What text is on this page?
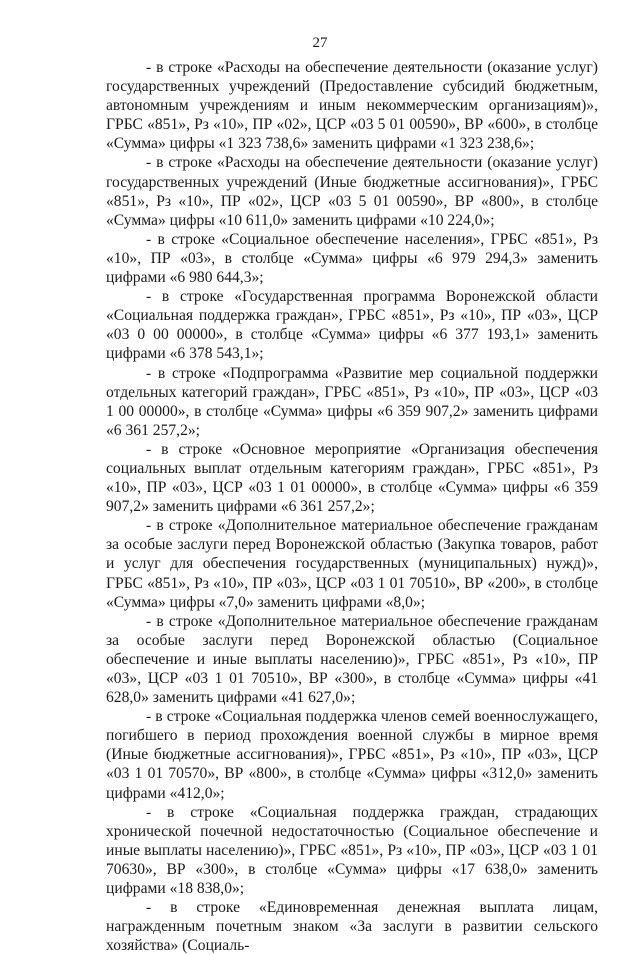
27

- в строке «Расходы на обеспечение деятельности (оказание услуг) государственных учреждений (Предоставление субсидий бюджетным, автономным учреждениям и иным некоммерческим организациям)», ГРБС «851», Рз «10», ПР «02», ЦСР «03 5 01 00590», ВР «600», в столбце «Сумма» цифры «1 323 738,6» заменить цифрами «1 323 238,6»;

- в строке «Расходы на обеспечение деятельности (оказание услуг) государственных учреждений (Иные бюджетные ассигнования)», ГРБС «851», Рз «10», ПР «02», ЦСР «03 5 01 00590», ВР «800», в столбце «Сумма» цифры «10 611,0» заменить цифрами «10 224,0»;

- в строке «Социальное обеспечение населения», ГРБС «851», Рз «10», ПР «03», в столбце «Сумма» цифры «6 979 294,3» заменить цифрами «6 980 644,3»;

- в строке «Государственная программа Воронежской области «Социальная поддержка граждан», ГРБС «851», Рз «10», ПР «03», ЦСР «03 0 00 00000», в столбце «Сумма» цифры «6 377 193,1» заменить цифрами «6 378 543,1»;

- в строке «Подпрограмма «Развитие мер социальной поддержки отдельных категорий граждан», ГРБС «851», Рз «10», ПР «03», ЦСР «03 1 00 00000», в столбце «Сумма» цифры «6 359 907,2» заменить цифрами «6 361 257,2»;

- в строке «Основное мероприятие «Организация обеспечения социальных выплат отдельным категориям граждан», ГРБС «851», Рз «10», ПР «03», ЦСР «03 1 01 00000», в столбце «Сумма» цифры «6 359 907,2» заменить цифрами «6 361 257,2»;

- в строке «Дополнительное материальное обеспечение гражданам за особые заслуги перед Воронежской областью (Закупка товаров, работ и услуг для обеспечения государственных (муниципальных) нужд)», ГРБС «851», Рз «10», ПР «03», ЦСР «03 1 01 70510», ВР «200», в столбце «Сумма» цифры «7,0» заменить цифрами «8,0»;

- в строке «Дополнительное материальное обеспечение гражданам за особые заслуги перед Воронежской областью (Социальное обеспечение и иные выплаты населению)», ГРБС «851», Рз «10», ПР «03», ЦСР «03 1 01 70510», ВР «300», в столбце «Сумма» цифры «41 628,0» заменить цифрами «41 627,0»;

- в строке «Социальная поддержка членов семей военнослужащего, погибшего в период прохождения военной службы в мирное время (Иные бюджетные ассигнования)», ГРБС «851», Рз «10», ПР «03», ЦСР «03 1 01 70570», ВР «800», в столбце «Сумма» цифры «312,0» заменить цифрами «412,0»;

- в строке «Социальная поддержка граждан, страдающих хронической почечной недостаточностью (Социальное обеспечение и иные выплаты населению)», ГРБС «851», Рз «10», ПР «03», ЦСР «03 1 01 70630», ВР «300», в столбце «Сумма» цифры «17 638,0» заменить цифрами «18 838,0»;

- в строке «Единовременная денежная выплата лицам, награжденным почетным знаком «За заслуги в развитии сельского хозяйства» (Социаль-
